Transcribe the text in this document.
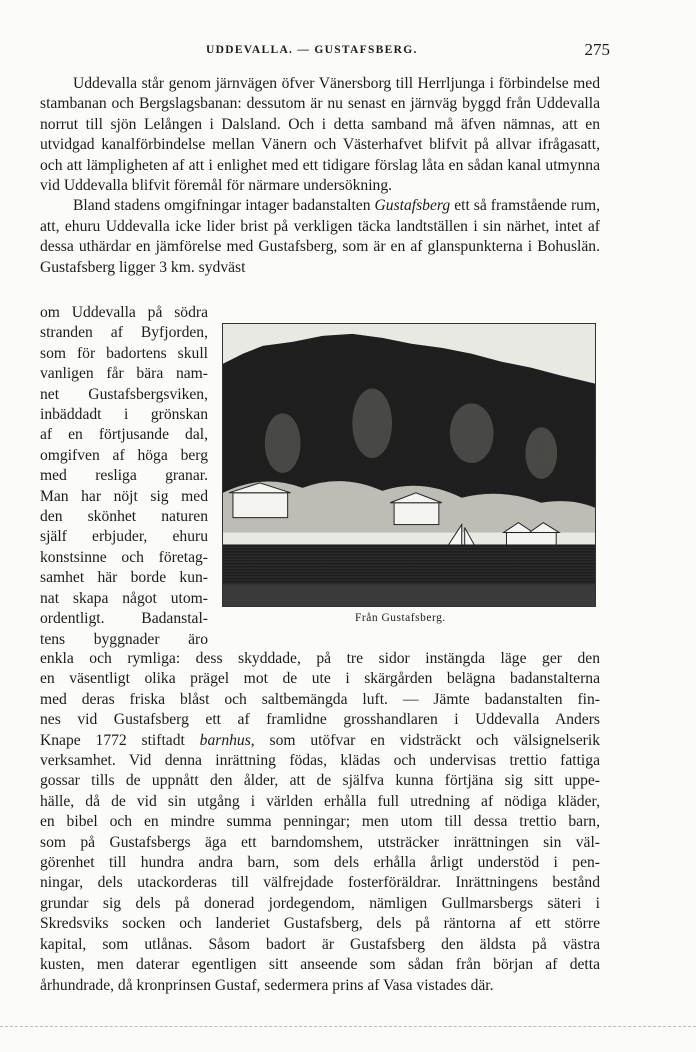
UDDEVALLA. — GUSTAFSBERG.	275

Uddevalla står genom järnvägen öfver Vänersborg till Herrljunga i förbindelse med stambanan och Bergslagsbanan: dessutom är nu senast en järnväg byggd från Uddevalla norrut till sjön Lelången i Dalsland. Och i detta samband må äfven nämnas, att en utvidgad kanalförbindelse mellan Vänern och Västerhafvet blifvit på allvar ifrågasatt, och att lämpligheten af att i enlighet med ett tidigare förslag låta en sådan kanal utmynna vid Uddevalla blifvit föremål för närmare undersökning.

Bland stadens omgifningar intager badanstalten Gustafsberg ett så framstående rum, att, ehuru Uddevalla icke lider brist på verkligen täcka landtställen i sin närhet, intet af dessa uthärdar en jämförelse med Gustafsberg, som är en af glanspunkterna i Bohuslän. Gustafsberg ligger 3 km. sydväst

om Uddevalla på södra
stranden af Byfjorden,
som för badortens skull
vanligen får bära nam-
net Gustafsbergsviken,
inbäddadt i grönskan
af en förtjusande dal,
omgifven af höga berg
med resliga granar.
Man har nöjt sig med
den skönhet naturen
själf erbjuder, ehuru
konstsinne och företag-
samhet här borde kun-
nat skapa något utom-
ordentligt. Badanstal-
tens byggnader äro
Från Gustafsberg.
enkla och rymliga: dess skyddade, på tre sidor instängda läge ger den
en väsentligt olika prägel mot de ute i skärgården belägna badanstalterna
med deras friska blåst och saltbemängda luft. — Jämte badanstalten fin-
nes vid Gustafsberg ett af framlidne grosshandlaren i Uddevalla Anders
Knape 1772 stiftadt barnhus, som utöfvar en vidsträckt och välsignelserik
verksamhet. Vid denna inrättning födas, klädas och undervisas trettio fattiga
gossar tills de uppnått den ålder, att de själfva kunna förtjäna sig sitt uppe-
hälle, då de vid sin utgång i världen erhålla full utredning af nödiga kläder,
en bibel och en mindre summa penningar; men utom till dessa trettio barn,
som på Gustafsbergs äga ett barndomshem, utsträcker inrättningen sin väl-
görenhet till hundra andra barn, som dels erhålla årligt understöd i pen-
ningar, dels utackorderas till välfrejdade fosterföräldrar. Inrättningens bestånd
grundar sig dels på donerad jordegendom, nämligen Gullmarsbergs säteri i
Skredsviks socken och landeriet Gustafsberg, dels på räntorna af ett större
kapital, som utlånas. Såsom badort är Gustafsberg den äldsta på västra
kusten, men daterar egentligen sitt anseende som sådan från början af detta
århundrade, då kronprinsen Gustaf, sedermera prins af Vasa vistades där.
